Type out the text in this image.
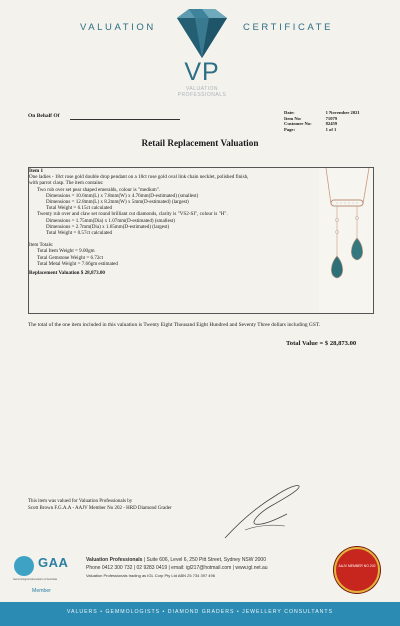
VALUATION	CERTIFICATE
VP
VALUATION PROFESSIONALS
On Behalf Of
Date:	1 November 2021
Item No:	71079
Customer No:	82459
Page:	1 of 1
Retail Replacement Valuation
Item 1
One ladies - 18ct rose gold double drop pendant on a 18ct rose gold oval link chain necklet, polished finish,
with parrot clasp. The item contains:
Two rub over set pear shaped emeralds, colour is "medium".
Dimensions = 10.6mm(L) x 7.8mm(W) x 4.76mm(D-estimated) (smallest)
Dimensions = 12.8mm(L) x 8.2mm(W) x 5mm(D-estimated) (largest)
Total Weight = 6.15ct calculated
Twenty rub over and claw set round brilliant cut diamonds, clarity is "VS2-SI", colour is "H".
Dimensions = 1.75mm(Dia) x 1.07mm(D-estimated) (smallest)
Dimensions = 2.7mm(Dia) x 1.65mm(D-estimated) (largest)
Total Weight = 0.57ct calculated
Item Totals:
Total Item Weight = 9.00gm
Total Gemstone Weight = 6.72ct
Total Metal Weight = 7.66gm estimated
Replacement Valuation $ 28,873.00
The total of the one item included in this valuation is Twenty Eight Thousand Eight Hundred and Seventy Three dollars including GST.
Total Value = $ 28,873.00
This item was valued for Valuation Professionals by
Scott Brown F.G.A.A - AAJV Member No 202 - HRD Diamond Grader
GAA
Gemmological Association of Australia
Member
Valuation Professionals | Suite 606, Level 6, 250 Pitt Street, Sydney NSW 2000
Phone 0412 300 732 | 02 9283 0419 | email: igl217@hotmail.com | www.igl.net.au
Valuation Professionals trading as IGL Corp Pty Ltd ABN 25 734 397 496
AAJV MEMBER NO 202
VALUERS • GEMMOLOGISTS • DIAMOND GRADERS • JEWELLERY CONSULTANTS
